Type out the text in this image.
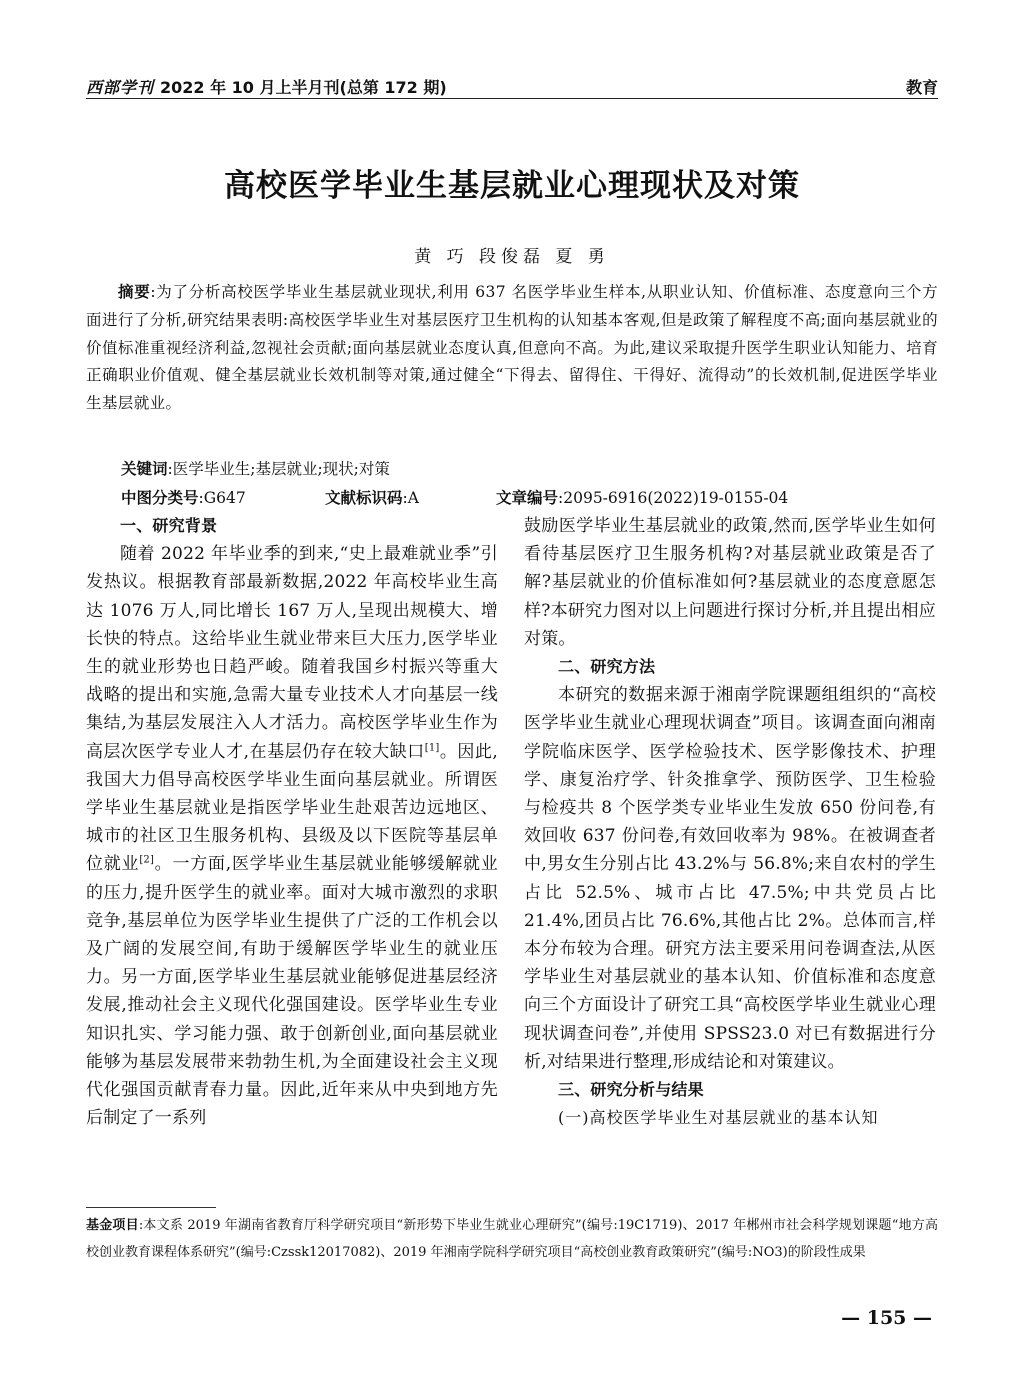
西部学刊 2022 年 10 月上半月刊(总第 172 期)	教育
高校医学毕业生基层就业心理现状及对策
黄 巧 段俊磊 夏 勇

摘要:为了分析高校医学毕业生基层就业现状,利用 637 名医学毕业生样本,从职业认知、价值标准、态度意向三个方面进行了分析,研究结果表明:高校医学毕业生对基层医疗卫生机构的认知基本客观,但是政策了解程度不高;面向基层就业的价值标准重视经济利益,忽视社会贡献;面向基层就业态度认真,但意向不高。为此,建议采取提升医学生职业认知能力、培育正确职业价值观、健全基层就业长效机制等对策,通过健全“下得去、留得住、干得好、流得动”的长效机制,促进医学毕业生基层就业。

关键词:医学毕业生;基层就业;现状;对策
中图分类号:G647	文献标识码:A	文章编号:2095-6916(2022)19-0155-04
一、研究背景

随着 2022 年毕业季的到来,“史上最难就业季”引发热议。根据教育部最新数据,2022 年高校毕业生高达 1076 万人,同比增长 167 万人,呈现出规模大、增长快的特点。这给毕业生就业带来巨大压力,医学毕业生的就业形势也日趋严峻。随着我国乡村振兴等重大战略的提出和实施,急需大量专业技术人才向基层一线集结,为基层发展注入人才活力。高校医学毕业生作为高层次医学专业人才,在基层仍存在较大缺口[1]。因此,我国大力倡导高校医学毕业生面向基层就业。所谓医学毕业生基层就业是指医学毕业生赴艰苦边远地区、城市的社区卫生服务机构、县级及以下医院等基层单位就业[2]。一方面,医学毕业生基层就业能够缓解就业的压力,提升医学生的就业率。面对大城市激烈的求职竞争,基层单位为医学毕业生提供了广泛的工作机会以及广阔的发展空间,有助于缓解医学毕业生的就业压力。另一方面,医学毕业生基层就业能够促进基层经济发展,推动社会主义现代化强国建设。医学毕业生专业知识扎实、学习能力强、敢于创新创业,面向基层就业能够为基层发展带来勃勃生机,为全面建设社会主义现代化强国贡献青春力量。因此,近年来从中央到地方先后制定了一系列

鼓励医学毕业生基层就业的政策,然而,医学毕业生如何看待基层医疗卫生服务机构?对基层就业政策是否了解?基层就业的价值标准如何?基层就业的态度意愿怎样?本研究力图对以上问题进行探讨分析,并且提出相应对策。

二、研究方法

本研究的数据来源于湘南学院课题组组织的“高校医学毕业生就业心理现状调查”项目。该调查面向湘南学院临床医学、医学检验技术、医学影像技术、护理学、康复治疗学、针灸推拿学、预防医学、卫生检验与检疫共 8 个医学类专业毕业生发放 650 份问卷,有效回收 637 份问卷,有效回收率为 98%。在被调查者中,男女生分别占比 43.2%与 56.8%;来自农村的学生占比 52.5%、城市占比 47.5%;中共党员占比 21.4%,团员占比 76.6%,其他占比 2%。总体而言,样本分布较为合理。研究方法主要采用问卷调查法,从医学毕业生对基层就业的基本认知、价值标准和态度意向三个方面设计了研究工具“高校医学毕业生就业心理现状调查问卷”,并使用 SPSS23.0 对已有数据进行分析,对结果进行整理,形成结论和对策建议。

三、研究分析与结果
(一)高校医学毕业生对基层就业的基本认知
基金项目:本文系 2019 年湖南省教育厅科学研究项目“新形势下毕业生就业心理研究”(编号:19C1719)、2017 年郴州市社会科学规划课题“地方高校创业教育课程体系研究”(编号:Czssk12017082)、2019 年湘南学院科学研究项目“高校创业教育政策研究”(编号:NO3)的阶段性成果
— 155 —
